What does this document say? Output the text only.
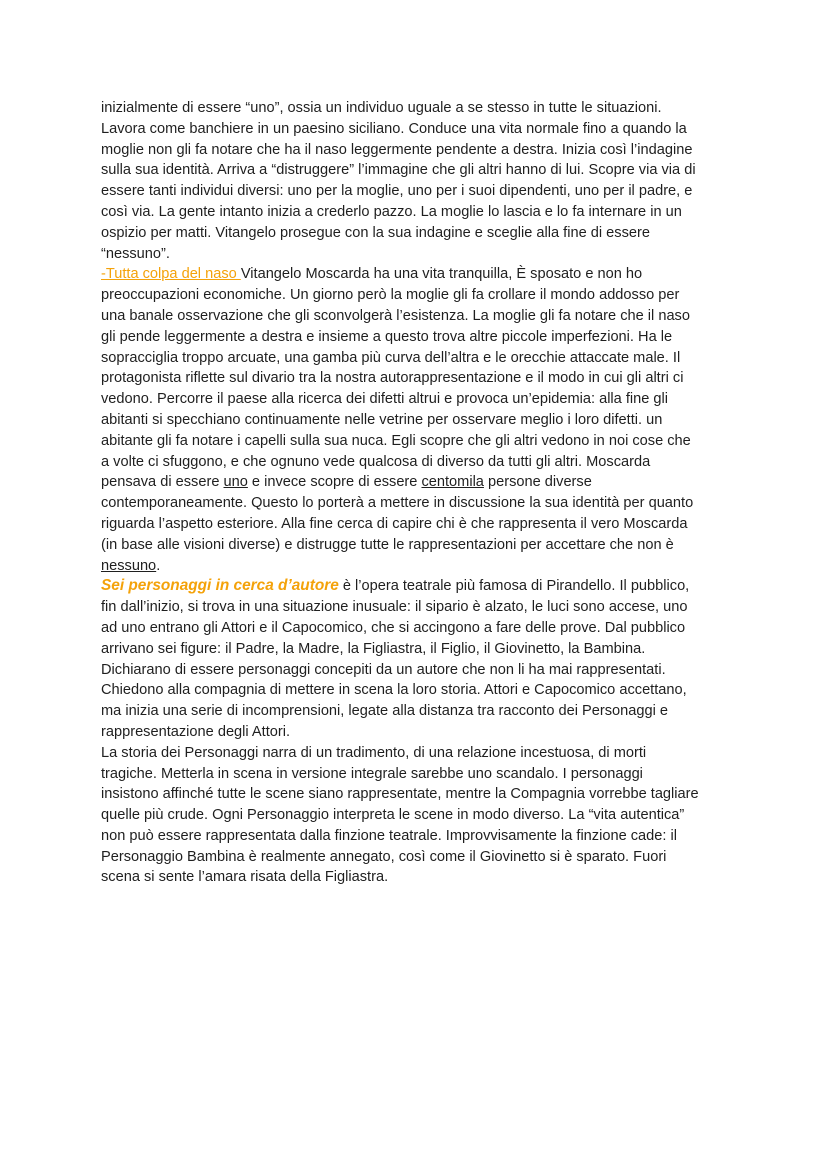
inizialmente di essere “uno”, ossia un individuo uguale a se stesso in tutte le situazioni.
Lavora come banchiere in un paesino siciliano. Conduce una vita normale fino a quando la
moglie non gli fa notare che ha il naso leggermente pendente a destra. Inizia così l’indagine
sulla sua identità. Arriva a “distruggere” l’immagine che gli altri hanno di lui. Scopre via via di
essere tanti individui diversi: uno per la moglie, uno per i suoi dipendenti, uno per il padre, e
così via. La gente intanto inizia a crederlo pazzo. La moglie lo lascia e lo fa internare in un
ospizio per matti. Vitangelo prosegue con la sua indagine e sceglie alla fine di essere
“nessuno”.
-Tutta colpa del naso Vitangelo Moscarda ha una vita tranquilla, È sposato e non ho
preoccupazioni economiche. Un giorno però la moglie gli fa crollare il mondo addosso per
una banale osservazione che gli sconvolgerà l’esistenza. La moglie gli fa notare che il naso
gli pende leggermente a destra e insieme a questo trova altre piccole imperfezioni. Ha le
sopracciglia troppo arcuate, una gamba più curva dell’altra e le orecchie attaccate male. Il
protagonista riflette sul divario tra la nostra autorappresentazione e il modo in cui gli altri ci
vedono. Percorre il paese alla ricerca dei difetti altrui e provoca un’epidemia: alla fine gli
abitanti si specchiano continuamente nelle vetrine per osservare meglio i loro difetti. un
abitante gli fa notare i capelli sulla sua nuca. Egli scopre che gli altri vedono in noi cose che
a volte ci sfuggono, e che ognuno vede qualcosa di diverso da tutti gli altri. Moscarda
pensava di essere uno e invece scopre di essere centomila persone diverse
contemporaneamente. Questo lo porterà a mettere in discussione la sua identità per quanto
riguarda l’aspetto esteriore. Alla fine cerca di capire chi è che rappresenta il vero Moscarda
(in base alle visioni diverse) e distrugge tutte le rappresentazioni per accettare che non è
nessuno.
Sei personaggi in cerca d’autore è l’opera teatrale più famosa di Pirandello. Il pubblico,
fin dall’inizio, si trova in una situazione inusuale: il sipario è alzato, le luci sono accese, uno
ad uno entrano gli Attori e il Capocomico, che si accingono a fare delle prove. Dal pubblico
arrivano sei figure: il Padre, la Madre, la Figliastra, il Figlio, il Giovinetto, la Bambina.
Dichiarano di essere personaggi concepiti da un autore che non li ha mai rappresentati.
Chiedono alla compagnia di mettere in scena la loro storia. Attori e Capocomico accettano,
ma inizia una serie di incomprensioni, legate alla distanza tra racconto dei Personaggi e
rappresentazione degli Attori.
La storia dei Personaggi narra di un tradimento, di una relazione incestuosa, di morti
tragiche. Metterla in scena in versione integrale sarebbe uno scandalo. I personaggi
insistono affinché tutte le scene siano rappresentate, mentre la Compagnia vorrebbe tagliare
quelle più crude. Ogni Personaggio interpreta le scene in modo diverso. La “vita autentica”
non può essere rappresentata dalla finzione teatrale. Improvvisamente la finzione cade: il
Personaggio Bambina è realmente annegato, così come il Giovinetto si è sparato. Fuori
scena si sente l’amara risata della Figliastra.
